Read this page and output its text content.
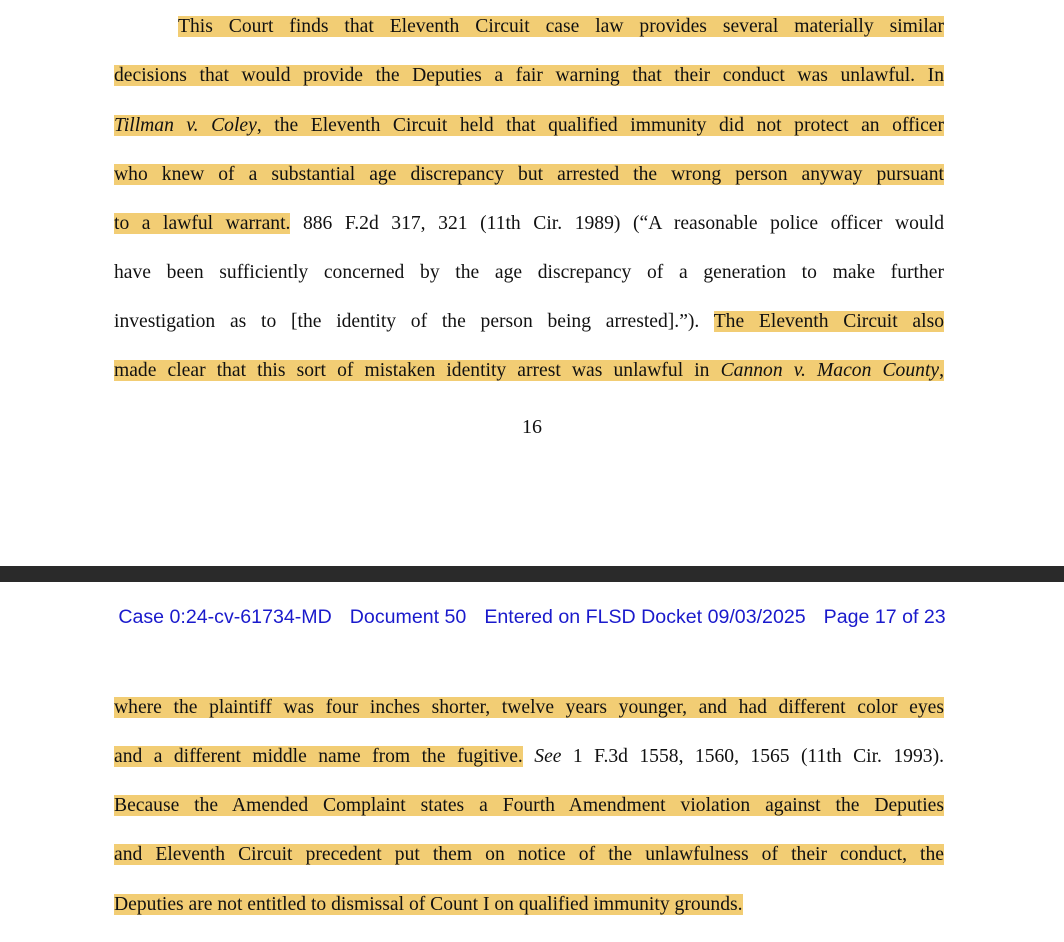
This Court finds that Eleventh Circuit case law provides several materially similar
decisions that would provide the Deputies a fair warning that their conduct was unlawful. In
Tillman v. Coley, the Eleventh Circuit held that qualified immunity did not protect an officer
who knew of a substantial age discrepancy but arrested the wrong person anyway pursuant
to a lawful warrant. 886 F.2d 317, 321 (11th Cir. 1989) (“A reasonable police officer would
have been sufficiently concerned by the age discrepancy of a generation to make further
investigation as to [the identity of the person being arrested].”). The Eleventh Circuit also
made clear that this sort of mistaken identity arrest was unlawful in Cannon v. Macon County,
16
Case 0:24-cv-61734-MD Document 50 Entered on FLSD Docket 09/03/2025 Page 17 of 23
where the plaintiff was four inches shorter, twelve years younger, and had different color eyes
and a different middle name from the fugitive. See 1 F.3d 1558, 1560, 1565 (11th Cir. 1993).
Because the Amended Complaint states a Fourth Amendment violation against the Deputies
and Eleventh Circuit precedent put them on notice of the unlawfulness of their conduct, the
Deputies are not entitled to dismissal of Count I on qualified immunity grounds.
